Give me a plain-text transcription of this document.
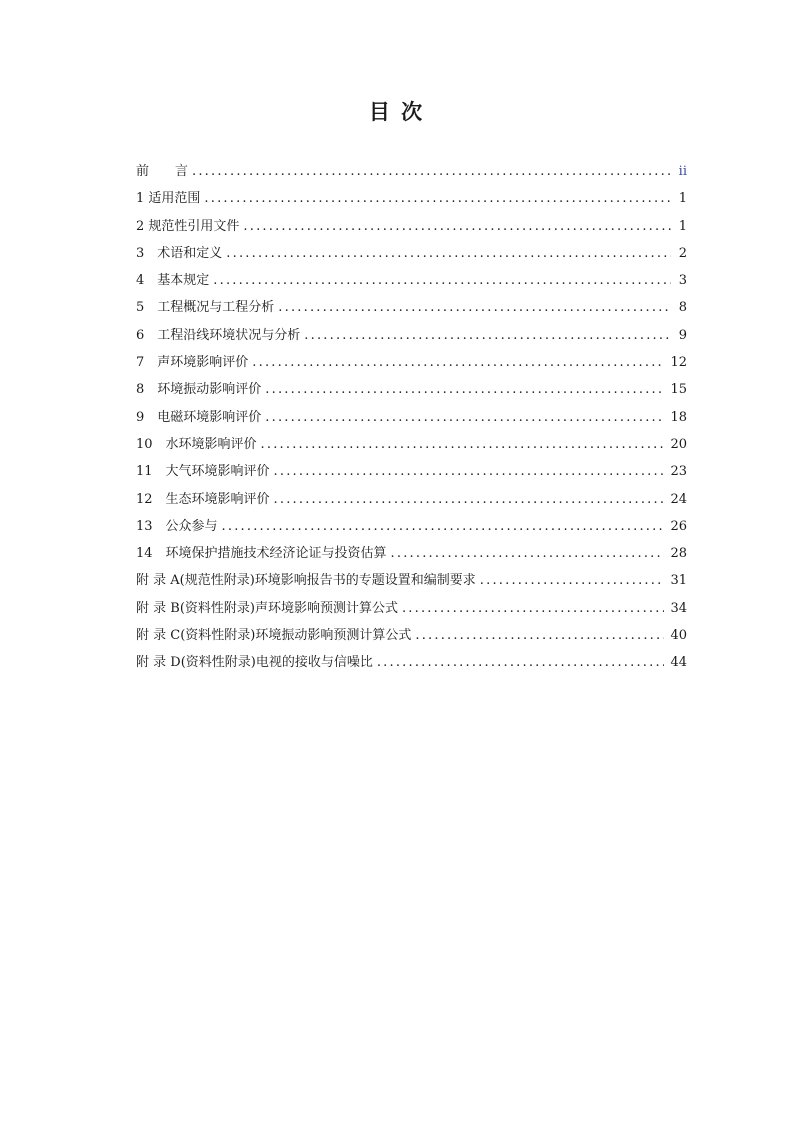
目 次
前　　言 .....	ii
1 适用范围 .....	1
2 规范性引用文件 .....	1
3　术语和定义 .....	2
4　基本规定 .....	3
5　工程概况与工程分析 .....	8
6　工程沿线环境状况与分析 .....	9
7　声环境影响评价 .....	12
8　环境振动影响评价 .....	15
9　电磁环境影响评价 .....	18
10　水环境影响评价 .....	20
11　大气环境影响评价 .....	23
12　生态环境影响评价 .....	24
13　公众参与 .....	26
14　环境保护措施技术经济论证与投资估算 .....	28
附 录 A(规范性附录)环境影响报告书的专题设置和编制要求 .....	31
附 录 B(资料性附录)声环境影响预测计算公式 .....	34
附 录 C(资料性附录)环境振动影响预测计算公式 .....	40
附 录 D(资料性附录)电视的接收与信噪比 .....	44
